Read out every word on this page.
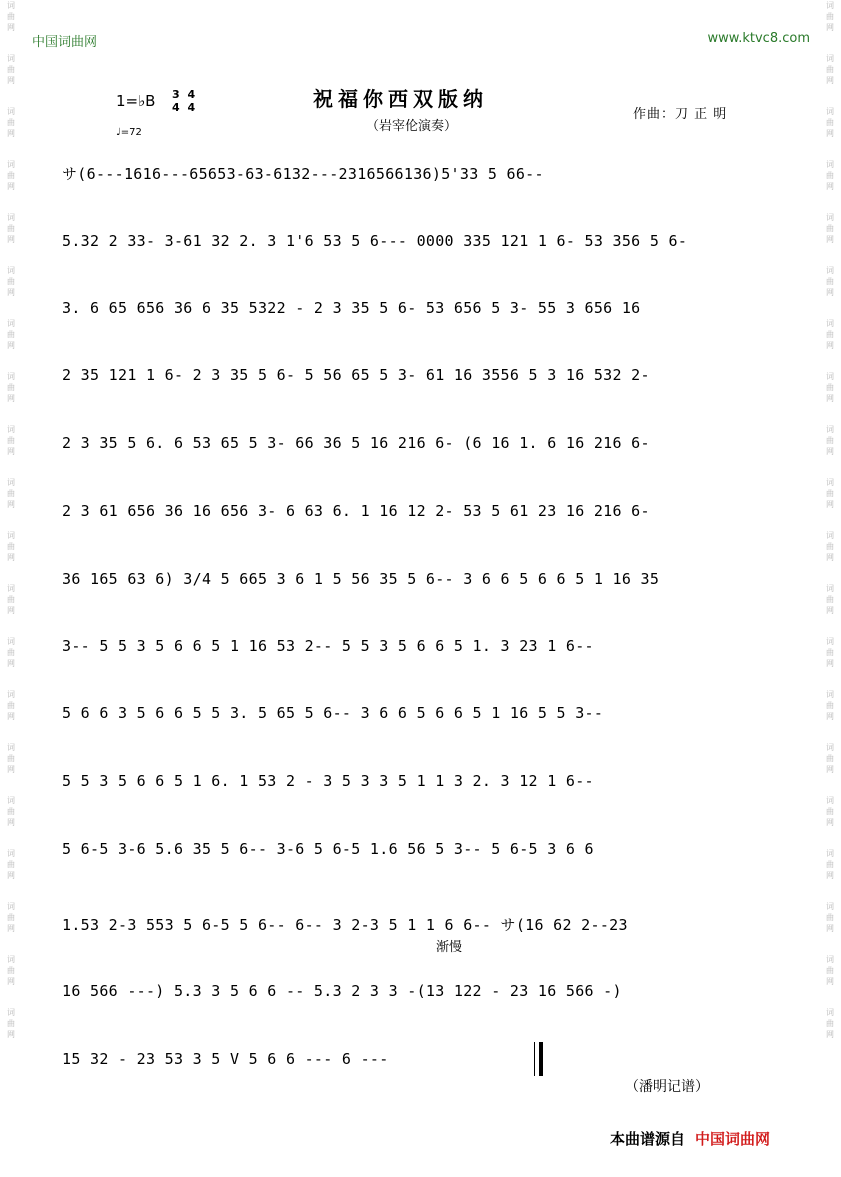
词
曲
网
词
曲
网
词
曲
网
词
曲
网
词
曲
网
词
曲
网
词
曲
网
词
曲
网
词
曲
网
词
曲
网
词
曲
网
词
曲
网
词
曲
网
词
曲
网
词
曲
网
词
曲
网
词
曲
网
词
曲
网
词
曲
网
词
曲
网
词
曲
网
词
曲
网
词
曲
网
词
曲
网
词
曲
网
词
曲
网
词
曲
网
词
曲
网
词
曲
网
词
曲
网
词
曲
网
词
曲
网
词
曲
网
词
曲
网
词
曲
网
词
曲
网
词
曲
网
词
曲
网
词
曲
网
词
曲
网
中国词曲网	www.ktvc8.com
1=♭B 3 4
4 4
♩=72
祝福你西双版纳
（岩宰伦演奏）
作曲：刀 正 明
サ(6---1616---65653-63-6132---2316566136)5'33 5 66--
5.32 2 33- 3-61 32 2. 3 1'6 53 5 6--- 0000 335 121 1 6- 53 356 5 6-
3. 6 65 656 36 6 35 5322 - 2 3 35 5 6- 53 656 5 3- 55 3 656 16
2 35 121 1 6- 2 3 35 5 6- 5 56 65 5 3- 61 16 3556 5 3 16 532 2-
2 3 35 5 6. 6 53 65 5 3- 66 36 5 16 216 6- (6 16 1. 6 16 216 6-
2 3 61 656 36 16 656 3- 6 63 6. 1 16 12 2- 53 5 61 23 16 216 6-
36 165 63 6) 3/4 5 665 3 6 1 5 56 35 5 6-- 3 6 6 5 6 6 5 1 16 35
3-- 5 5 3 5 6 6 5 1 16 53 2-- 5 5 3 5 6 6 5 1. 3 23 1 6--
5 6 6 3 5 6 6 5 5 3. 5 65 5 6-- 3 6 6 5 6 6 5 1 16 5 5 3--
5 5 3 5 6 6 5 1 6. 1 53 2 - 3 5 3 3 5 1 1 3 2. 3 12 1 6--
5 6-5 3-6 5.6 35 5 6-- 3-6 5 6-5 1.6 56 5 3-- 5 6-5 3 6 6
1.53 2-3 553 5 6-5 5 6-- 6-- 3 2-3 5 1 1 6 6-- サ(16 62 2--23
16 566 ---) 5.3 3 5 6 6 -- 5.3 2 3 3 -(13 122 - 23 16 566 -)
15 32 - 23 53 3 5 V 5 6 6 --- 6 ---
渐慢
（潘明记谱）
本曲谱源自 中国词曲网
